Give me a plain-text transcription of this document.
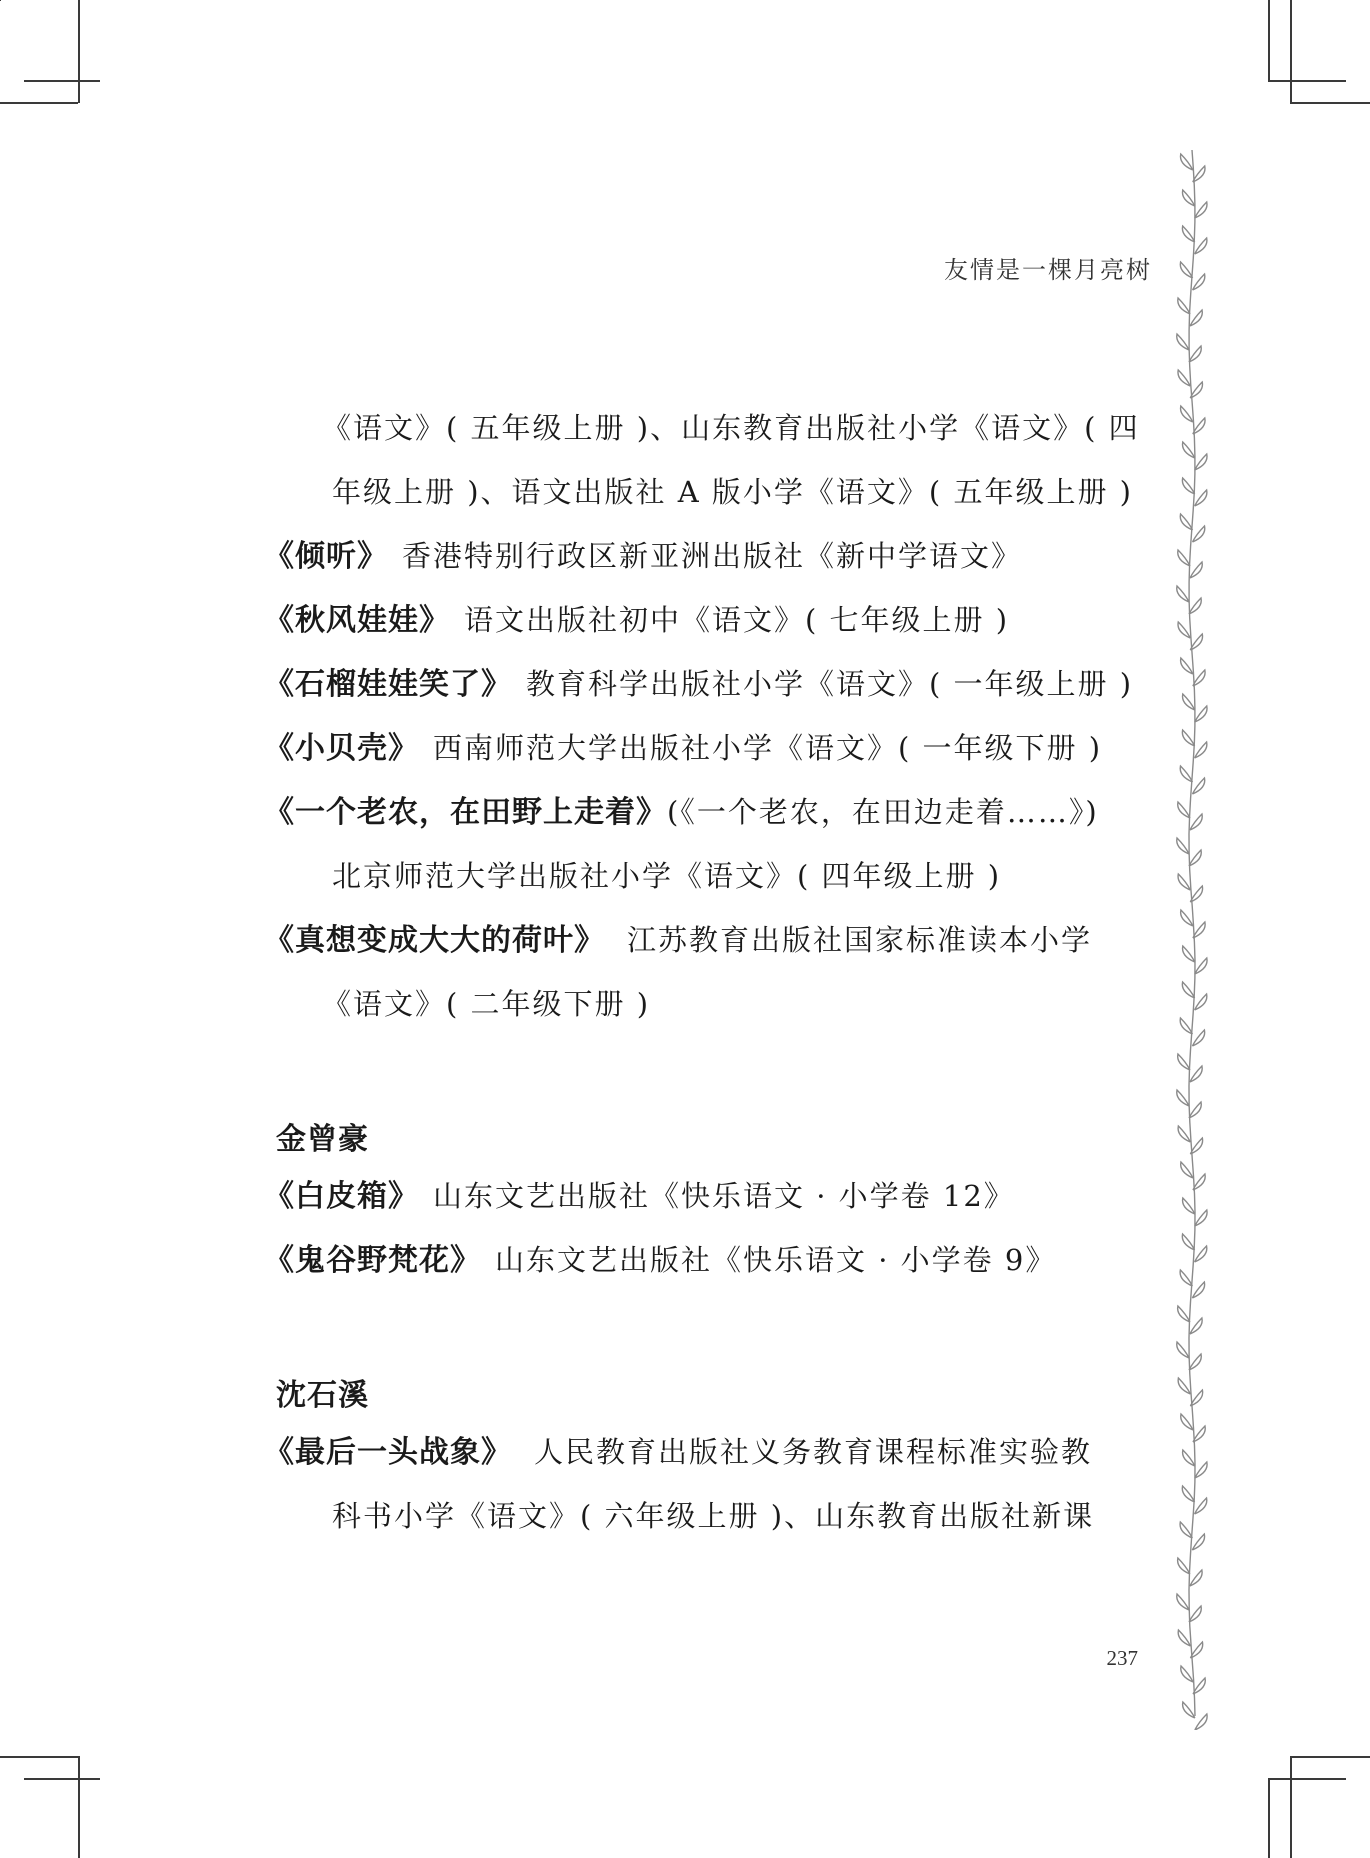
友情是一棵月亮树
《语文》( 五年级上册 )、山东教育出版社小学《语文》( 四
年级上册 )、语文出版社 A 版小学《语文》( 五年级上册 )
《倾听》 香港特别行政区新亚洲出版社《新中学语文》
《秋风娃娃》 语文出版社初中《语文》( 七年级上册 )
《石榴娃娃笑了》 教育科学出版社小学《语文》( 一年级上册 )
《小贝壳》 西南师范大学出版社小学《语文》( 一年级下册 )
《一个老农，在田野上走着》(《一个老农，在田边走着……》)
北京师范大学出版社小学《语文》( 四年级上册 )
《真想变成大大的荷叶》 江苏教育出版社国家标准读本小学
《语文》( 二年级下册 )
金曾豪
《白皮箱》 山东文艺出版社《快乐语文 · 小学卷 12》
《鬼谷野梵花》 山东文艺出版社《快乐语文 · 小学卷 9》
沈石溪
《最后一头战象》 人民教育出版社义务教育课程标准实验教
科书小学《语文》( 六年级上册 )、山东教育出版社新课
237
